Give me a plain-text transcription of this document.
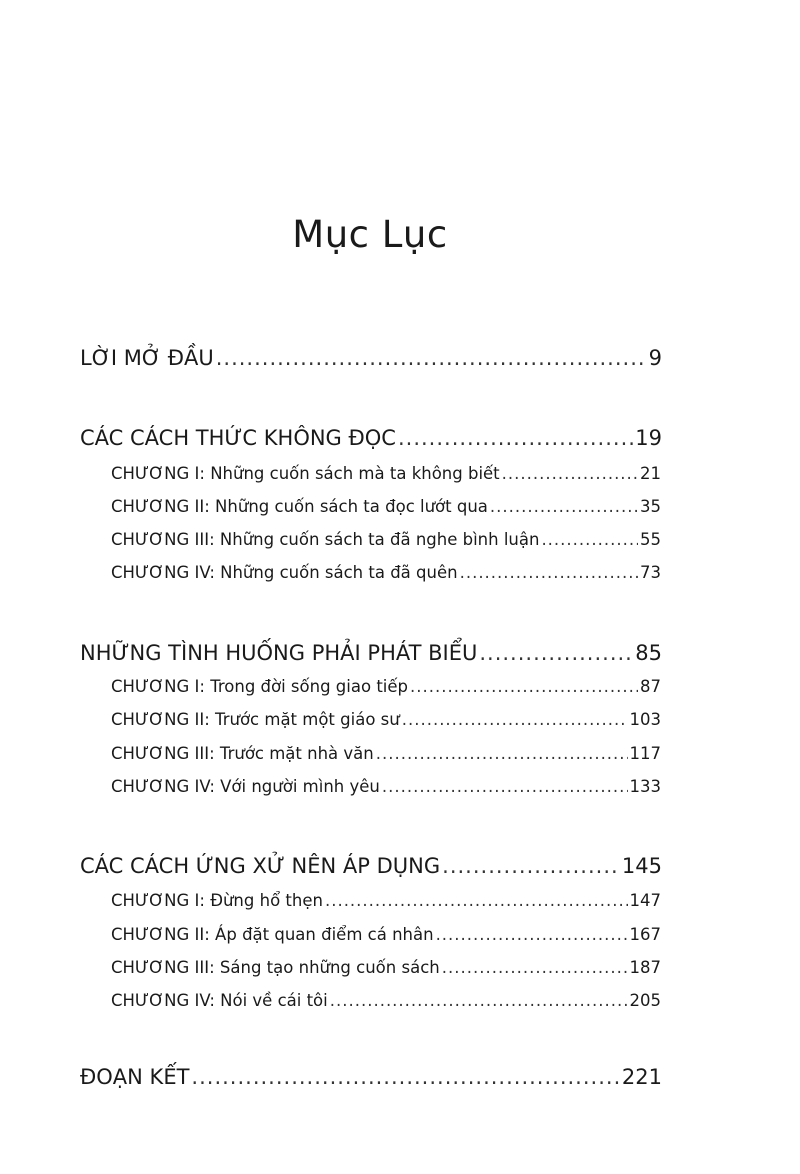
Mục Lục
LỜI MỞ ĐẦU .....	9
CÁC CÁCH THỨC KHÔNG ĐỌC .....	19
CHƯƠNG I: Những cuốn sách mà ta không biết .....	21
CHƯƠNG II: Những cuốn sách ta đọc lướt qua .....	35
CHƯƠNG III: Những cuốn sách ta đã nghe bình luận .....	55
CHƯƠNG IV: Những cuốn sách ta đã quên .....	73
NHỮNG TÌNH HUỐNG PHẢI PHÁT BIỂU .....	85
CHƯƠNG I: Trong đời sống giao tiếp .....	87
CHƯƠNG II: Trước mặt một giáo sư .....	103
CHƯƠNG III: Trước mặt nhà văn .....	117
CHƯƠNG IV: Với người mình yêu .....	133
CÁC CÁCH ỨNG XỬ NÊN ÁP DỤNG .....	145
CHƯƠNG I: Đừng hổ thẹn .....	147
CHƯƠNG II: Áp đặt quan điểm cá nhân .....	167
CHƯƠNG III: Sáng tạo những cuốn sách .....	187
CHƯƠNG IV: Nói về cái tôi .....	205
ĐOẠN KẾT .....	221
